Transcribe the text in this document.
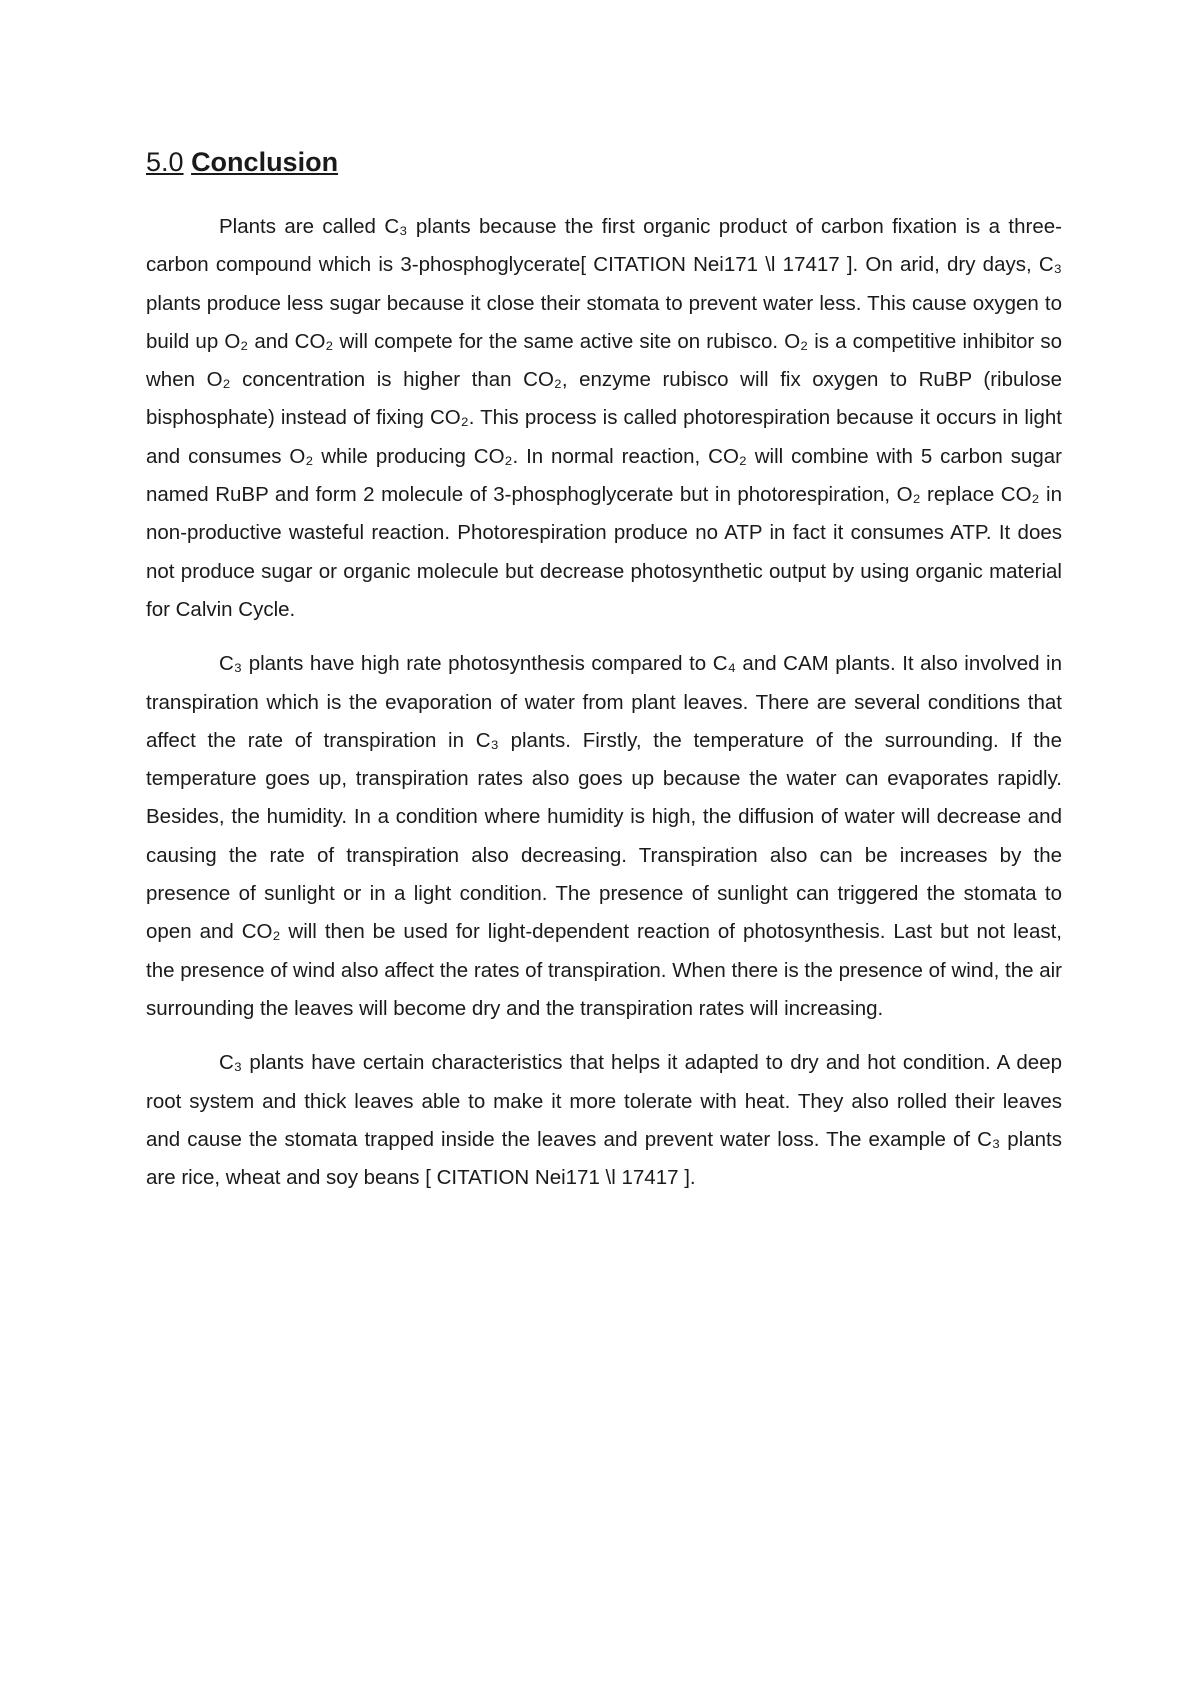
5.0 Conclusion

Plants are called C₃ plants because the first organic product of carbon fixation is a three-carbon compound which is 3-phosphoglycerate[ CITATION Nei171 \l 17417 ]. On arid, dry days, C₃ plants produce less sugar because it close their stomata to prevent water less. This cause oxygen to build up O₂ and CO₂ will compete for the same active site on rubisco. O₂ is a competitive inhibitor so when O₂ concentration is higher than CO₂, enzyme rubisco will fix oxygen to RuBP (ribulose bisphosphate) instead of fixing CO₂. This process is called photorespiration because it occurs in light and consumes O₂ while producing CO₂. In normal reaction, CO₂ will combine with 5 carbon sugar named RuBP and form 2 molecule of 3-phosphoglycerate but in photorespiration, O₂ replace CO₂ in non-productive wasteful reaction. Photorespiration produce no ATP in fact it consumes ATP. It does not produce sugar or organic molecule but decrease photosynthetic output by using organic material for Calvin Cycle.

C₃ plants have high rate photosynthesis compared to C₄ and CAM plants. It also involved in transpiration which is the evaporation of water from plant leaves. There are several conditions that affect the rate of transpiration in C₃ plants. Firstly, the temperature of the surrounding. If the temperature goes up, transpiration rates also goes up because the water can evaporates rapidly. Besides, the humidity. In a condition where humidity is high, the diffusion of water will decrease and causing the rate of transpiration also decreasing. Transpiration also can be increases by the presence of sunlight or in a light condition. The presence of sunlight can triggered the stomata to open and CO₂ will then be used for light-dependent reaction of photosynthesis. Last but not least, the presence of wind also affect the rates of transpiration. When there is the presence of wind, the air surrounding the leaves will become dry and the transpiration rates will increasing.

C₃ plants have certain characteristics that helps it adapted to dry and hot condition. A deep root system and thick leaves able to make it more tolerate with heat. They also rolled their leaves and cause the stomata trapped inside the leaves and prevent water loss. The example of C₃ plants are rice, wheat and soy beans [ CITATION Nei171 \l 17417 ].
